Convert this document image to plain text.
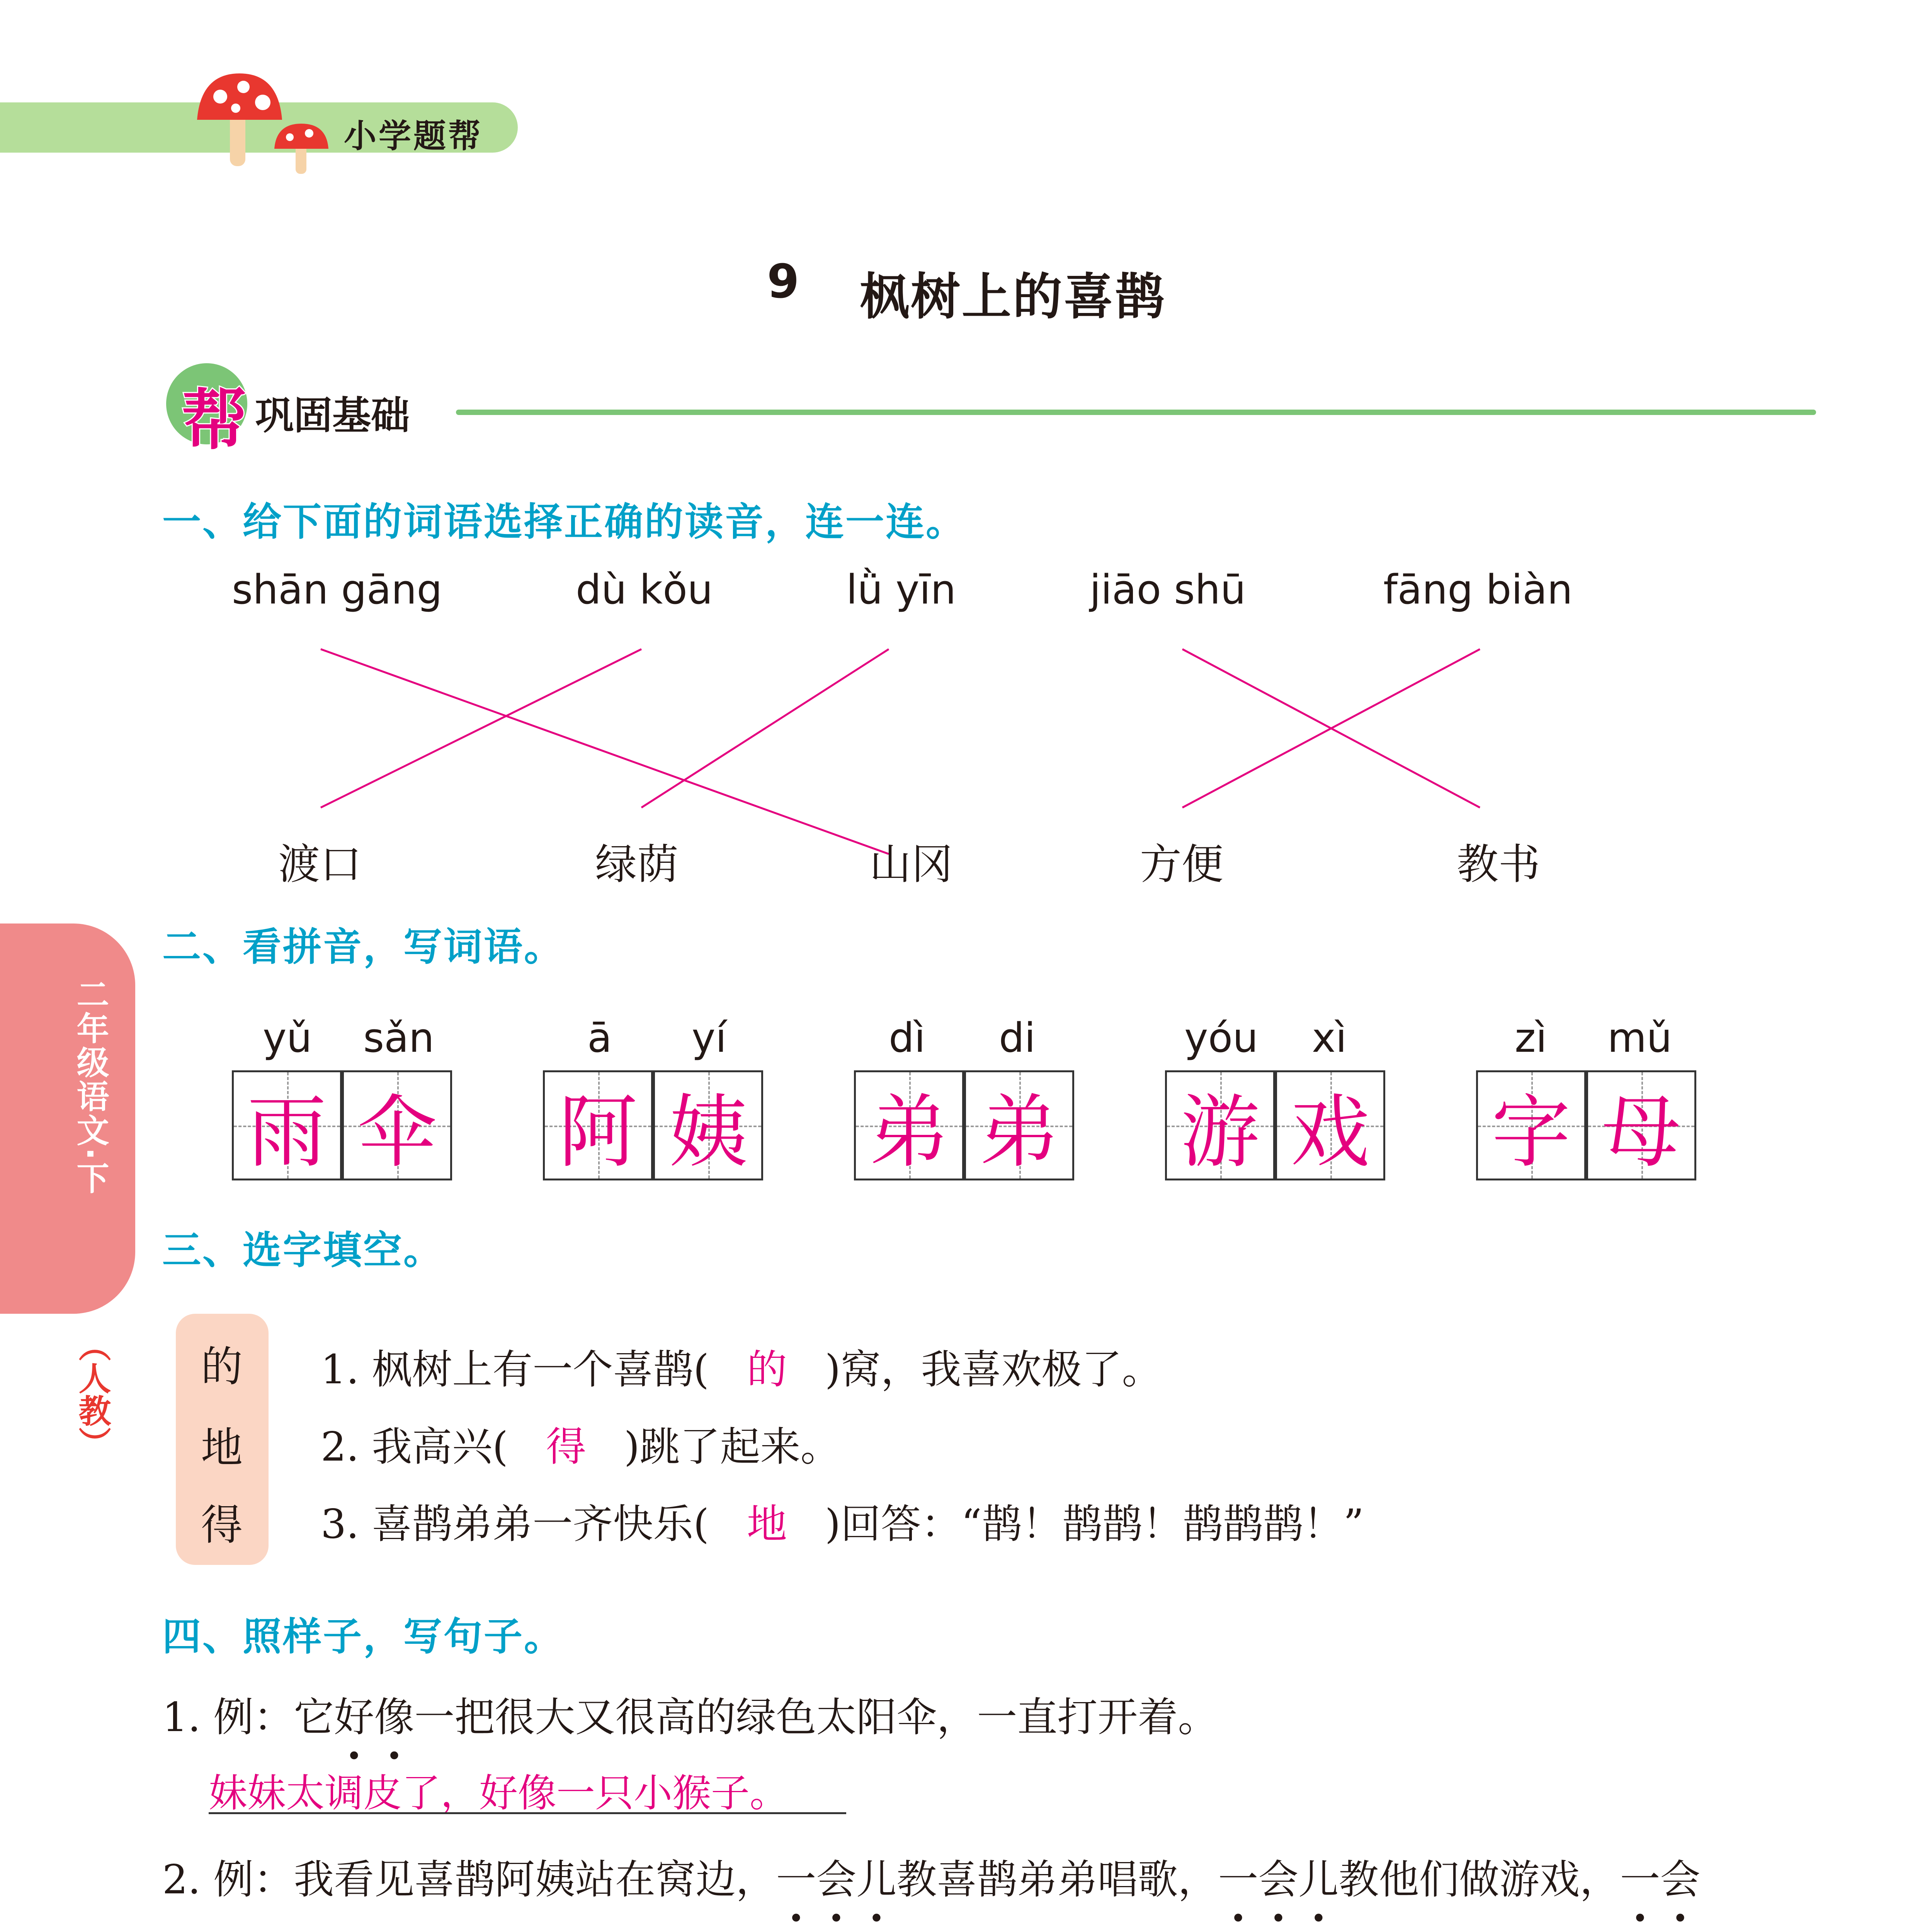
小学题帮
9 枫树上的喜鹊
帮 巩固基础
二年级语文·下
（人教）
一、给下面的词语选择正确的读音，连一连。
shān gāng	dù kǒu	lǜ yīn	jiāo shū	fāng biàn
渡口	绿荫	山冈	方便	教书
二、看拼音，写词语。
yǔ sǎn
雨 伞
ā yí
阿 姨
dì di
弟 弟
yóu xì
游 戏
zì mǔ
字 母
三、选字填空。
的
地
得
1. 枫树上有一个喜鹊( 的 )窝，我喜欢极了。
2. 我高兴( 得 )跳了起来。
3. 喜鹊弟弟一齐快乐( 地 )回答：“鹊！鹊鹊！鹊鹊鹊！”
四、照样子，写句子。
1. 例：它好像一把很大又很高的绿色太阳伞，一直打开着。
妹妹太调皮了，好像一只小猴子。
2. 例：我看见喜鹊阿姨站在窝边，一会儿教喜鹊弟弟唱歌，一会儿教他们做游戏，一会
